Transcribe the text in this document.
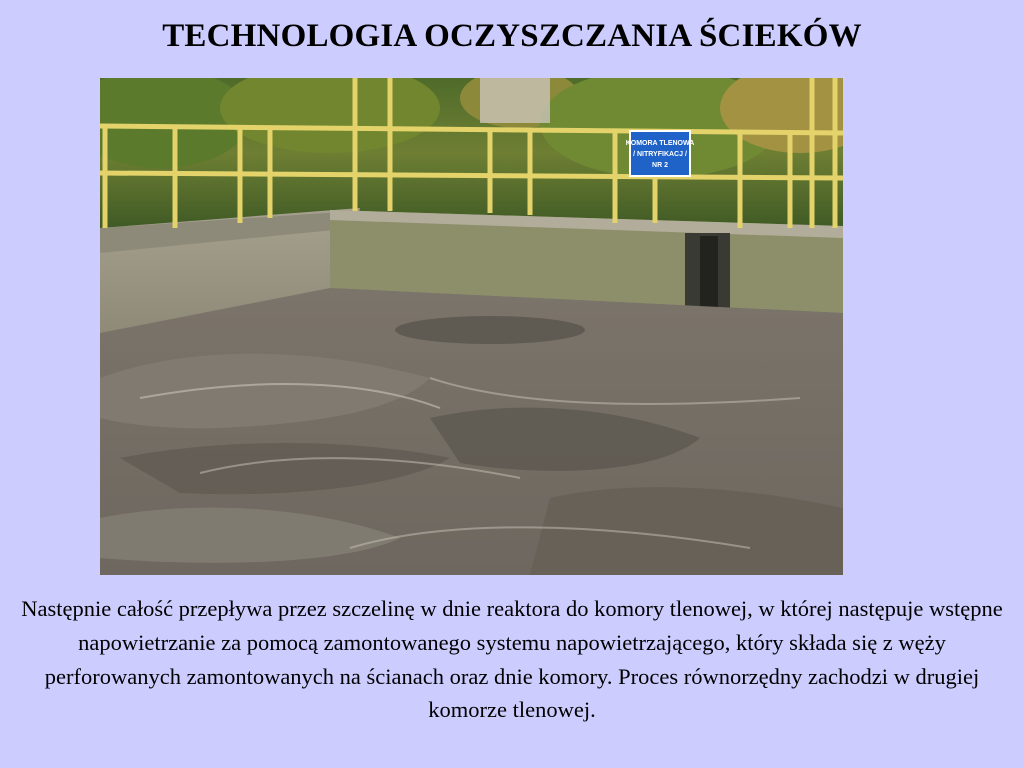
TECHNOLOGIA OCZYSZCZANIA ŚCIEKÓW
KOMORA TLENOWA
/ NITRYFIKACJ /
NR 2
Następnie całość przepływa przez szczelinę w dnie reaktora do komory tlenowej, w której następuje wstępne napowietrzanie za pomocą zamontowanego systemu napowietrzającego, który składa się z węży perforowanych zamontowanych na ścianach oraz dnie komory. Proces równorzędny zachodzi w drugiej komorze tlenowej.
